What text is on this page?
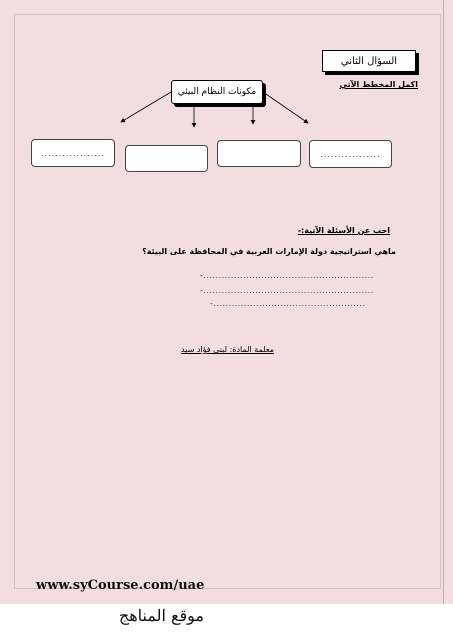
السؤال الثاني
اكمل المخطط الآتي
مكونات النظام البيئي
..................	.................
اجب عن الأسئلة الآتية:-
ماهي استراتيجية دولة الإمارات العربية في المحافظة على البيئة؟
-........................................................
-........................................................
-..................................................
معلمة المادة: لبنى فؤاد سيد
www.syCourse.com/uae
موقع المناهج
